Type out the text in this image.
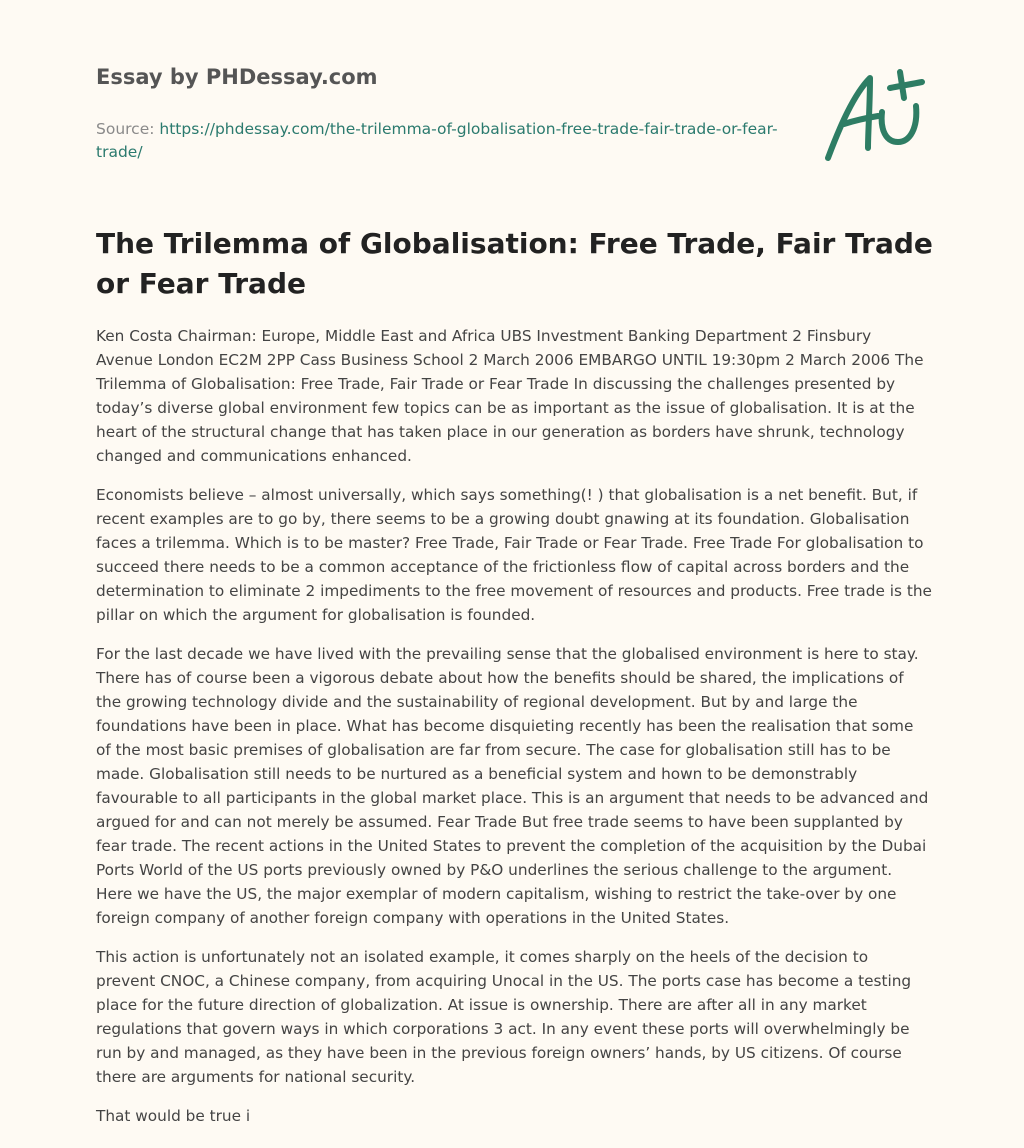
Essay by PHDessay.com
Source: https://phdessay.com/the-trilemma-of-globalisation-free-trade-fair-trade-or-fear-trade/
The Trilemma of Globalisation: Free Trade, Fair Trade or Fear Trade

Ken Costa Chairman: Europe, Middle East and Africa UBS Investment Banking Department 2 Finsbury Avenue London EC2M 2PP Cass Business School 2 March 2006 EMBARGO UNTIL 19:30pm 2 March 2006 The Trilemma of Globalisation: Free Trade, Fair Trade or Fear Trade In discussing the challenges presented by today’s diverse global environment few topics can be as important as the issue of globalisation. It is at the heart of the structural change that has taken place in our generation as borders have shrunk, technology changed and communications enhanced.

Economists believe – almost universally, which says something(! ) that globalisation is a net benefit. But, if recent examples are to go by, there seems to be a growing doubt gnawing at its foundation. Globalisation faces a trilemma. Which is to be master? Free Trade, Fair Trade or Fear Trade. Free Trade For globalisation to succeed there needs to be a common acceptance of the frictionless flow of capital across borders and the determination to eliminate 2 impediments to the free movement of resources and products. Free trade is the pillar on which the argument for globalisation is founded.

For the last decade we have lived with the prevailing sense that the globalised environment is here to stay. There has of course been a vigorous debate about how the benefits should be shared, the implications of the growing technology divide and the sustainability of regional development. But by and large the foundations have been in place. What has become disquieting recently has been the realisation that some of the most basic premises of globalisation are far from secure. The case for globalisation still has to be made. Globalisation still needs to be nurtured as a beneficial system and hown to be demonstrably favourable to all participants in the global market place. This is an argument that needs to be advanced and argued for and can not merely be assumed. Fear Trade But free trade seems to have been supplanted by fear trade. The recent actions in the United States to prevent the completion of the acquisition by the Dubai Ports World of the US ports previously owned by P&O underlines the serious challenge to the argument. Here we have the US, the major exemplar of modern capitalism, wishing to restrict the take-over by one foreign company of another foreign company with operations in the United States.

This action is unfortunately not an isolated example, it comes sharply on the heels of the decision to prevent CNOC, a Chinese company, from acquiring Unocal in the US. The ports case has become a testing place for the future direction of globalization. At issue is ownership. There are after all in any market regulations that govern ways in which corporations 3 act. In any event these ports will overwhelmingly be run by and managed, as they have been in the previous foreign owners’ hands, by US citizens. Of course there are arguments for national security.

That would be true i
